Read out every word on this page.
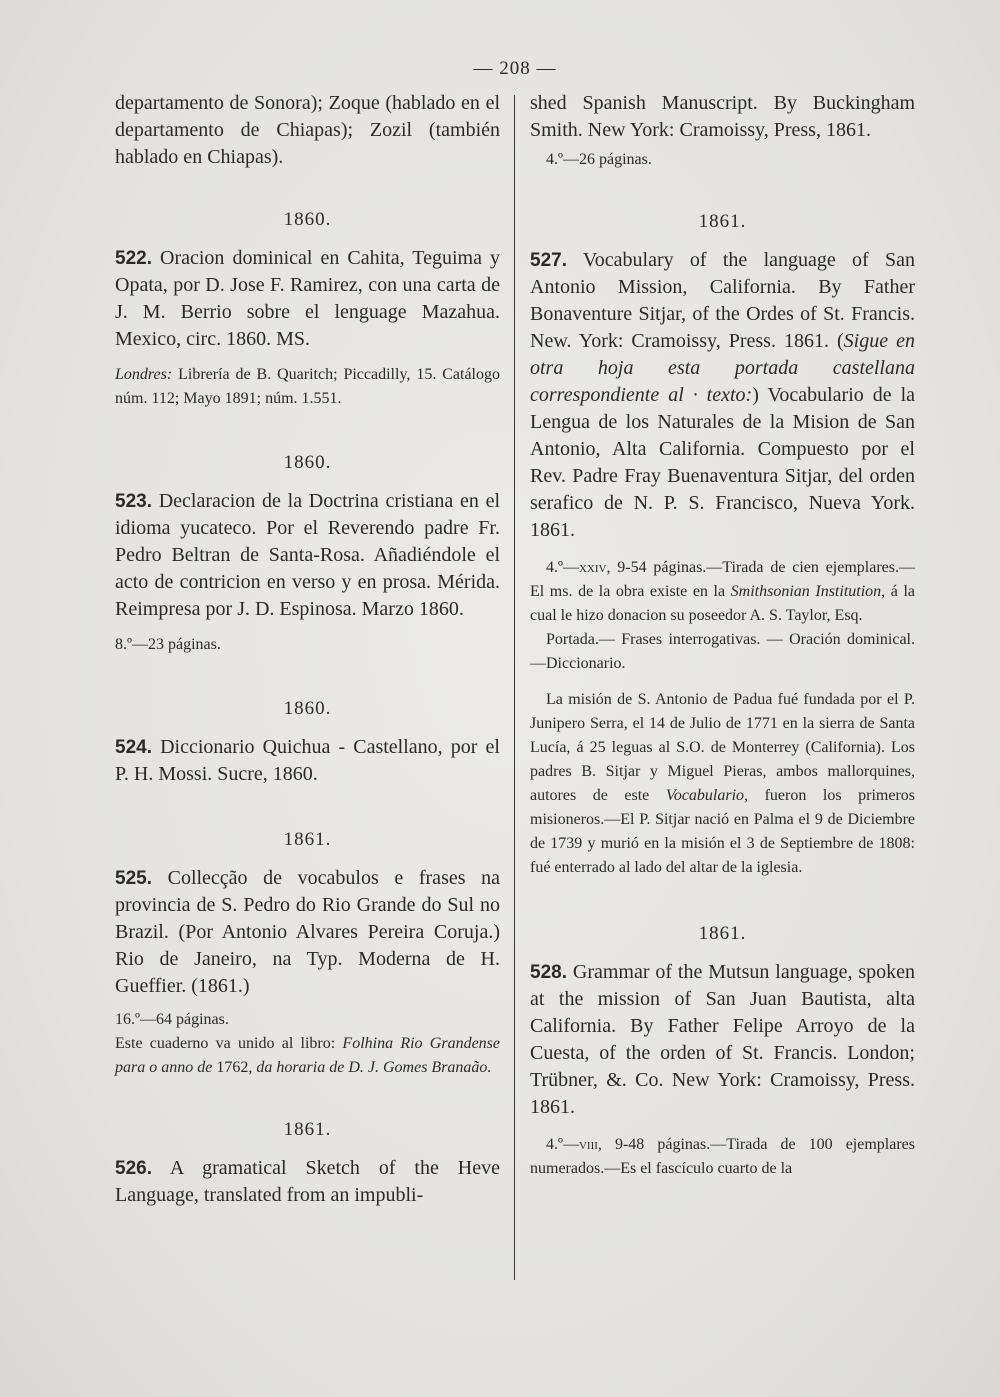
— 208 —

departamento de Sonora); Zoque (hablado en el departamento de Chiapas); Zozil (también hablado en Chiapas).

1860.

522. Oracion dominical en Cahita, Teguima y Opata, por D. Jose F. Ramirez, con una carta de J. M. Berrio sobre el lenguage Mazahua. Mexico, circ. 1860. MS.

Londres: Librería de B. Quaritch; Piccadilly, 15. Catálogo núm. 112; Mayo 1891; núm. 1.551.

1860.

523. Declaracion de la Doctrina cristiana en el idioma yucateco. Por el Reverendo padre Fr. Pedro Beltran de Santa-Rosa. Añadiéndole el acto de contricion en verso y en prosa. Mérida. Reimpresa por J. D. Espinosa. Marzo 1860.

8.º—23 páginas.

1860.

524. Diccionario Quichua - Castellano, por el P. H. Mossi. Sucre, 1860.

1861.

525. Collecção de vocabulos e frases na provincia de S. Pedro do Rio Grande do Sul no Brazil. (Por Antonio Alvares Pereira Coruja.) Rio de Janeiro, na Typ. Moderna de H. Gueffier. (1861.)

16.º—64 páginas.

Este cuaderno va unido al libro: Folhina Rio Grandense para o anno de 1762, da horaria de D. J. Gomes Branaão.

1861.

526. A gramatical Sketch of the Heve Language, translated from an impubli-

shed Spanish Manuscript. By Buckingham Smith. New York: Cramoissy, Press, 1861.

4.º—26 páginas.

1861.

527. Vocabulary of the language of San Antonio Mission, California. By Father Bonaventure Sitjar, of the Ordes of St. Francis. New. York: Cramoissy, Press. 1861. (Sigue en otra hoja esta portada castellana correspondiente al · texto:) Vocabulario de la Lengua de los Naturales de la Mision de San Antonio, Alta California. Compuesto por el Rev. Padre Fray Buenaventura Sitjar, del orden serafico de N. P. S. Francisco, Nueva York. 1861.

4.º—xxiv, 9-54 páginas.—Tirada de cien ejemplares.—El ms. de la obra existe en la Smithsonian Institution, á la cual le hizo donacion su poseedor A. S. Taylor, Esq.

Portada.— Frases interrogativas. — Oración dominical.—Diccionario.

La misión de S. Antonio de Padua fué fundada por el P. Junipero Serra, el 14 de Julio de 1771 en la sierra de Santa Lucía, á 25 leguas al S.O. de Monterrey (California). Los padres B. Sitjar y Miguel Pieras, ambos mallorquines, autores de este Vocabulario, fueron los primeros misioneros.—El P. Sitjar nació en Palma el 9 de Diciembre de 1739 y murió en la misión el 3 de Septiembre de 1808: fué enterrado al lado del altar de la iglesia.

1861.

528. Grammar of the Mutsun language, spoken at the mission of San Juan Bautista, alta California. By Father Felipe Arroyo de la Cuesta, of the orden of St. Francis. London; Trübner, &. Co. New York: Cramoissy, Press. 1861.

4.º—viii, 9-48 páginas.—Tirada de 100 ejemplares numerados.—Es el fascículo cuarto de la
